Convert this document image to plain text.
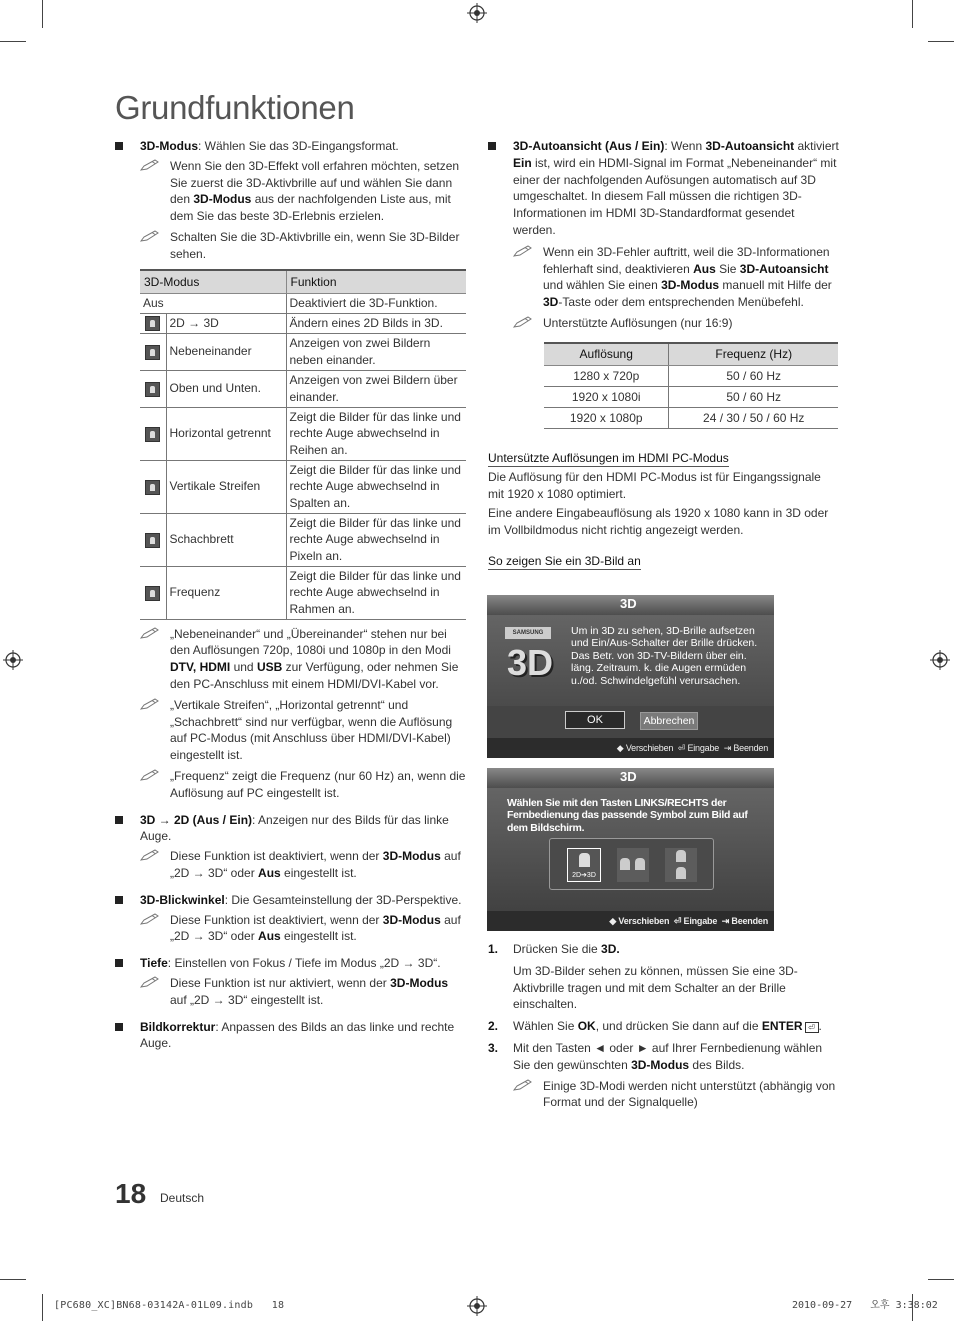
Grundfunktionen
3D-Modus: Wählen Sie das 3D-Eingangsformat.
Wenn Sie den 3D-Effekt voll erfahren möchten, setzen Sie zuerst die 3D-Aktivbrille auf und wählen Sie dann den 3D-Modus aus der nachfolgenden Liste aus, mit dem Sie das beste 3D-Erlebnis erzielen.
Schalten Sie die 3D-Aktivbrille ein, wenn Sie 3D-Bilder sehen.
3D-Modus		Funktion
Aus		Deaktiviert die 3D-Funktion.
	2D → 3D	Ändern eines 2D Bilds in 3D.
	Nebeneinander	Anzeigen von zwei Bildern neben einander.
	Oben und Unten.	Anzeigen von zwei Bildern über einander.
	Horizontal getrennt	Zeigt die Bilder für das linke und rechte Auge abwechselnd in Reihen an.
	Vertikale Streifen	Zeigt die Bilder für das linke und rechte Auge abwechselnd in Spalten an.
	Schachbrett	Zeigt die Bilder für das linke und rechte Auge abwechselnd in Pixeln an.
	Frequenz	Zeigt die Bilder für das linke und rechte Auge abwechselnd in Rahmen an.
„Nebeneinander“ und „Übereinander“ stehen nur bei den Auflösungen 720p, 1080i und 1080p in den Modi DTV, HDMI und USB zur Verfügung, oder nehmen Sie den PC-Anschluss mit einem HDMI/DVI-Kabel vor.
„Vertikale Streifen“, „Horizontal getrennt“ und „Schachbrett“ sind nur verfügbar, wenn die Auflösung auf PC-Modus (mit Anschluss über HDMI/DVI-Kabel) eingestellt ist.
„Frequenz“ zeigt die Frequenz (nur 60 Hz) an, wenn die Auflösung auf PC eingestellt ist.
3D → 2D (Aus / Ein): Anzeigen nur des Bilds für das linke Auge.
Diese Funktion ist deaktiviert, wenn der 3D-Modus auf „2D → 3D“ oder Aus eingestellt ist.
3D-Blickwinkel: Die Gesamteinstellung der 3D-Perspektive.
Diese Funktion ist deaktiviert, wenn der 3D-Modus auf „2D → 3D“ oder Aus eingestellt ist.
Tiefe: Einstellen von Fokus / Tiefe im Modus „2D → 3D“.
Diese Funktion ist nur aktiviert, wenn der 3D-Modus auf „2D → 3D“ eingestellt ist.
Bildkorrektur: Anpassen des Bilds an das linke und rechte Auge.
3D-Autoansicht (Aus / Ein): Wenn 3D-Autoansicht aktiviert Ein ist, wird ein HDMI-Signal im Format „Nebeneinander“ mit einer der nachfolgenden Aufösungen automatisch auf 3D umgeschaltet. In diesem Fall müssen die richtigen 3D-Informationen im HDMI 3D-Standardformat gesendet werden.
Wenn ein 3D-Fehler auftritt, weil die 3D-Informationen fehlerhaft sind, deaktivieren Aus Sie 3D-Autoansicht und wählen Sie einen 3D-Modus manuell mit Hilfe der 3D-Taste oder dem entsprechenden Menübefehl.
Unterstützte Auflösungen (nur 16:9)
Auflösung	Frequenz (Hz)
1280 x 720p	50 / 60 Hz
1920 x 1080i	50 / 60 Hz
1920 x 1080p	24 / 30 / 50 / 60 Hz
Untersützte Auflösungen im HDMI PC-Modus

Die Auflösung für den HDMI PC-Modus ist für Eingangssignale mit 1920 x 1080 optimiert.

Eine andere Eingabeauflösung als 1920 x 1080 kann in 3D oder im Vollbildmodus nicht richtig angezeigt werden.

So zeigen Sie ein 3D-Bild an
3D
SAMSUNG
3D
Um in 3D zu sehen, 3D-Brille aufsetzen und Ein/Aus-Schalter der Brille drücken. Das Betr. von 3D-TV-Bildern über ein. läng. Zeitraum. k. die Augen ermüden u./od. Schwindelgefühl verursachen.
OK	Abbrechen
◆ Verschieben ⏎ Eingabe ⇥ Beenden
3D
Wählen Sie mit den Tasten LINKS/RECHTS der Fernbedienung das passende Symbol zum Bild auf dem Bildschirm.
2D➔3D
◆ Verschieben ⏎ Eingabe ⇥ Beenden
1. Drücken Sie die 3D.

Um 3D-Bilder sehen zu können, müssen Sie eine 3D-Aktivbrille tragen und mit dem Schalter an der Brille einschalten.

2. Wählen Sie OK, und drücken Sie dann auf die ENTER ⏎ .
3. Mit den Tasten ◄ oder ► auf Ihrer Fernbedienung wählen Sie den gewünschten 3D-Modus des Bilds.
Einige 3D-Modi werden nicht unterstützt (abhängig von Format und der Signalquelle)
18 Deutsch
[PC680_XC]BN68-03142A-01L09.indb   18	2010-09-27   오후 3:38:02
